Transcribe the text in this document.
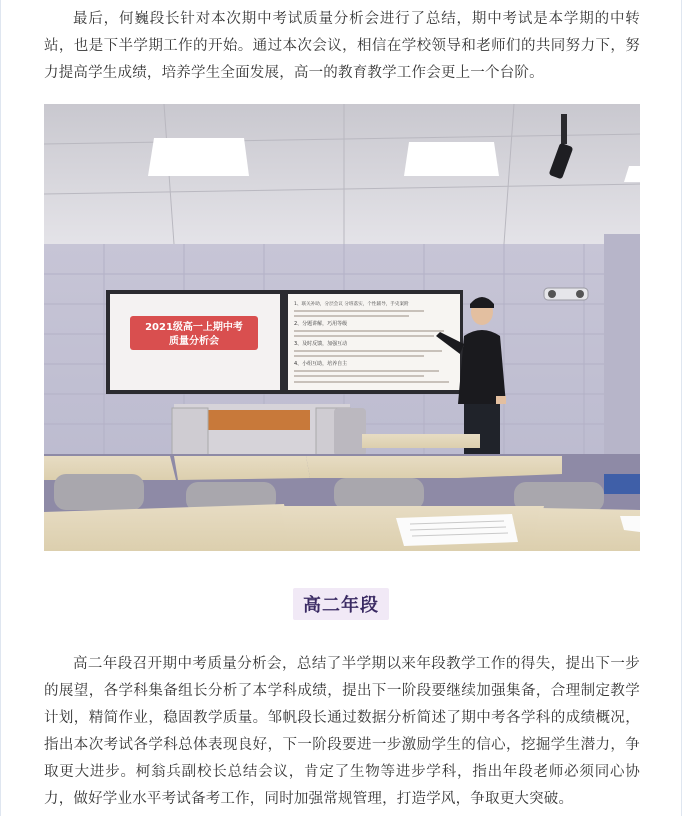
最后，何巍段长针对本次期中考试质量分析会进行了总结，期中考试是本学期的中转站，也是下半学期工作的开始。通过本次会议，相信在学校领导和老师们的共同努力下，努力提高学生成绩，培养学生全面发展，高一的教育教学工作会更上一个台阶。

2021级高一上期中考
质量分析会
1、联关补助，分层会议 分班落实，个性辅导，手史案附
2、分题讲解，巧用等级
3、及时反馈，加强互动
4、小组互助，培养自主
高二年段

高二年段召开期中考质量分析会，总结了半学期以来年段教学工作的得失，提出下一步的展望，各学科集备组长分析了本学科成绩，提出下一阶段要继续加强集备，合理制定教学计划，精简作业，稳固教学质量。邹帆段长通过数据分析简述了期中考各学科的成绩概况，指出本次考试各学科总体表现良好，下一阶段要进一步激励学生的信心，挖掘学生潜力，争取更大进步。柯翁兵副校长总结会议，肯定了生物等进步学科，指出年段老师必须同心协力，做好学业水平考试备考工作，同时加强常规管理，打造学风，争取更大突破。
